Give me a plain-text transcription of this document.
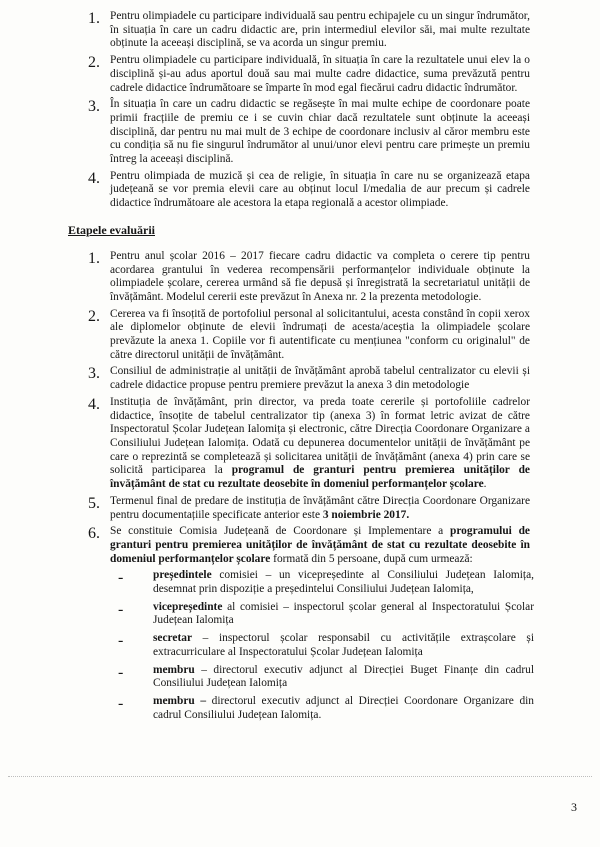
1. Pentru olimpiadele cu participare individuală sau pentru echipajele cu un singur îndrumător, în situația în care un cadru didactic are, prin intermediul elevilor săi, mai multe rezultate obținute la aceeași disciplină, se va acorda un singur premiu.
2. Pentru olimpiadele cu participare individuală, în situația în care la rezultatele unui elev la o disciplină și-au adus aportul două sau mai multe cadre didactice, suma prevăzută pentru cadrele didactice îndrumătoare se împarte în mod egal fiecărui cadru didactic îndrumător.
3. În situația în care un cadru didactic se regăsește în mai multe echipe de coordonare poate primii fracțiile de premiu ce i se cuvin chiar dacă rezultatele sunt obținute la aceeași disciplină, dar pentru nu mai mult de 3 echipe de coordonare inclusiv al căror membru este cu condiția să nu fie singurul îndrumător al unui/unor elevi pentru care primește un premiu întreg la aceeași disciplină.
4. Pentru olimpiada de muzică și cea de religie, în situația în care nu se organizează etapa județeană se vor premia elevii care au obținut locul I/medalia de aur precum și cadrele didactice îndrumătoare ale acestora la etapa regională a acestor olimpiade.
Etapele evaluării
1. Pentru anul școlar 2016 – 2017 fiecare cadru didactic va completa o cerere tip pentru acordarea grantului în vederea recompensării performanțelor individuale obținute la olimpiadele școlare, cererea urmând să fie depusă și înregistrată la secretariatul unității de învățământ. Modelul cererii este prevăzut în Anexa nr. 2 la prezenta metodologie.
2. Cererea va fi însoțită de portofoliul personal al solicitantului, acesta constând în copii xerox ale diplomelor obținute de elevii îndrumați de acesta/aceștia la olimpiadele școlare prevăzute la anexa 1. Copiile vor fi autentificate cu mențiunea "conform cu originalul" de către directorul unității de învățământ.
3. Consiliul de administrație al unității de învățământ aprobă tabelul centralizator cu elevii și cadrele didactice propuse pentru premiere prevăzut la anexa 3 din metodologie
4. Instituția de învățământ, prin director, va preda toate cererile și portofoliile cadrelor didactice, însoțite de tabelul centralizator tip (anexa 3) în format letric avizat de către Inspectoratul Școlar Județean Ialomița și electronic, către Direcția Coordonare Organizare a Consiliului Județean Ialomița. Odată cu depunerea documentelor unității de învățământ pe care o reprezintă se completează și solicitarea unității de învățământ (anexa 4) prin care se solicită participarea la programul de granturi pentru premierea unităților de învățământ de stat cu rezultate deosebite în domeniul performanțelor școlare.
5. Termenul final de predare de instituția de învățământ către Direcția Coordonare Organizare pentru documentațiile specificate anterior este 3 noiembrie 2017.
6. Se constituie Comisia Județeană de Coordonare și Implementare a programului de granturi pentru premierea unităților de învățământ de stat cu rezultate deosebite în domeniul performanțelor școlare formată din 5 persoane, după cum urmează:
-	președintele comisiei – un vicepreședinte al Consiliului Județean Ialomița, desemnat prin dispoziție a președintelui Consiliului Județean Ialomița,
-	vicepreședinte al comisiei – inspectorul școlar general al Inspectoratului Școlar Județean Ialomița
-	secretar – inspectorul școlar responsabil cu activitățile extrașcolare și extracurriculare al Inspectoratului Școlar Județean Ialomița
-	membru – directorul executiv adjunct al Direcției Buget Finanțe din cadrul Consiliului Județean Ialomița
-	membru – directorul executiv adjunct al Direcției Coordonare Organizare din cadrul Consiliului Județean Ialomița.
3
